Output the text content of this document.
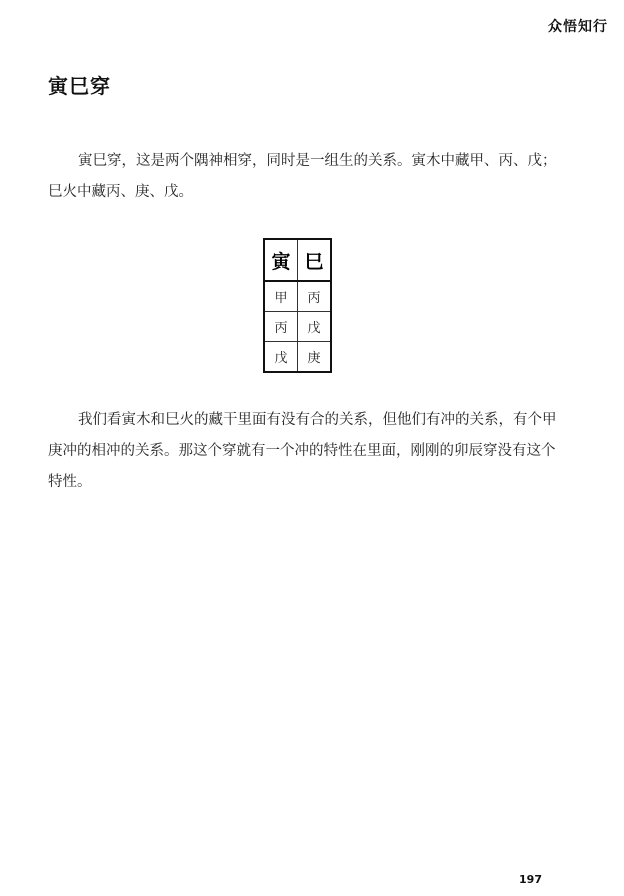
众悟知行
寅巳穿

寅巳穿，这是两个隅神相穿，同时是一组生的关系。寅木中藏甲、丙、戊；巳火中藏丙、庚、戊。

寅	巳
甲	丙
丙	戊
戊	庚

我们看寅木和巳火的藏干里面有没有合的关系，但他们有冲的关系，有个甲庚冲的相冲的关系。那这个穿就有一个冲的特性在里面，刚刚的卯辰穿没有这个特性。

197
